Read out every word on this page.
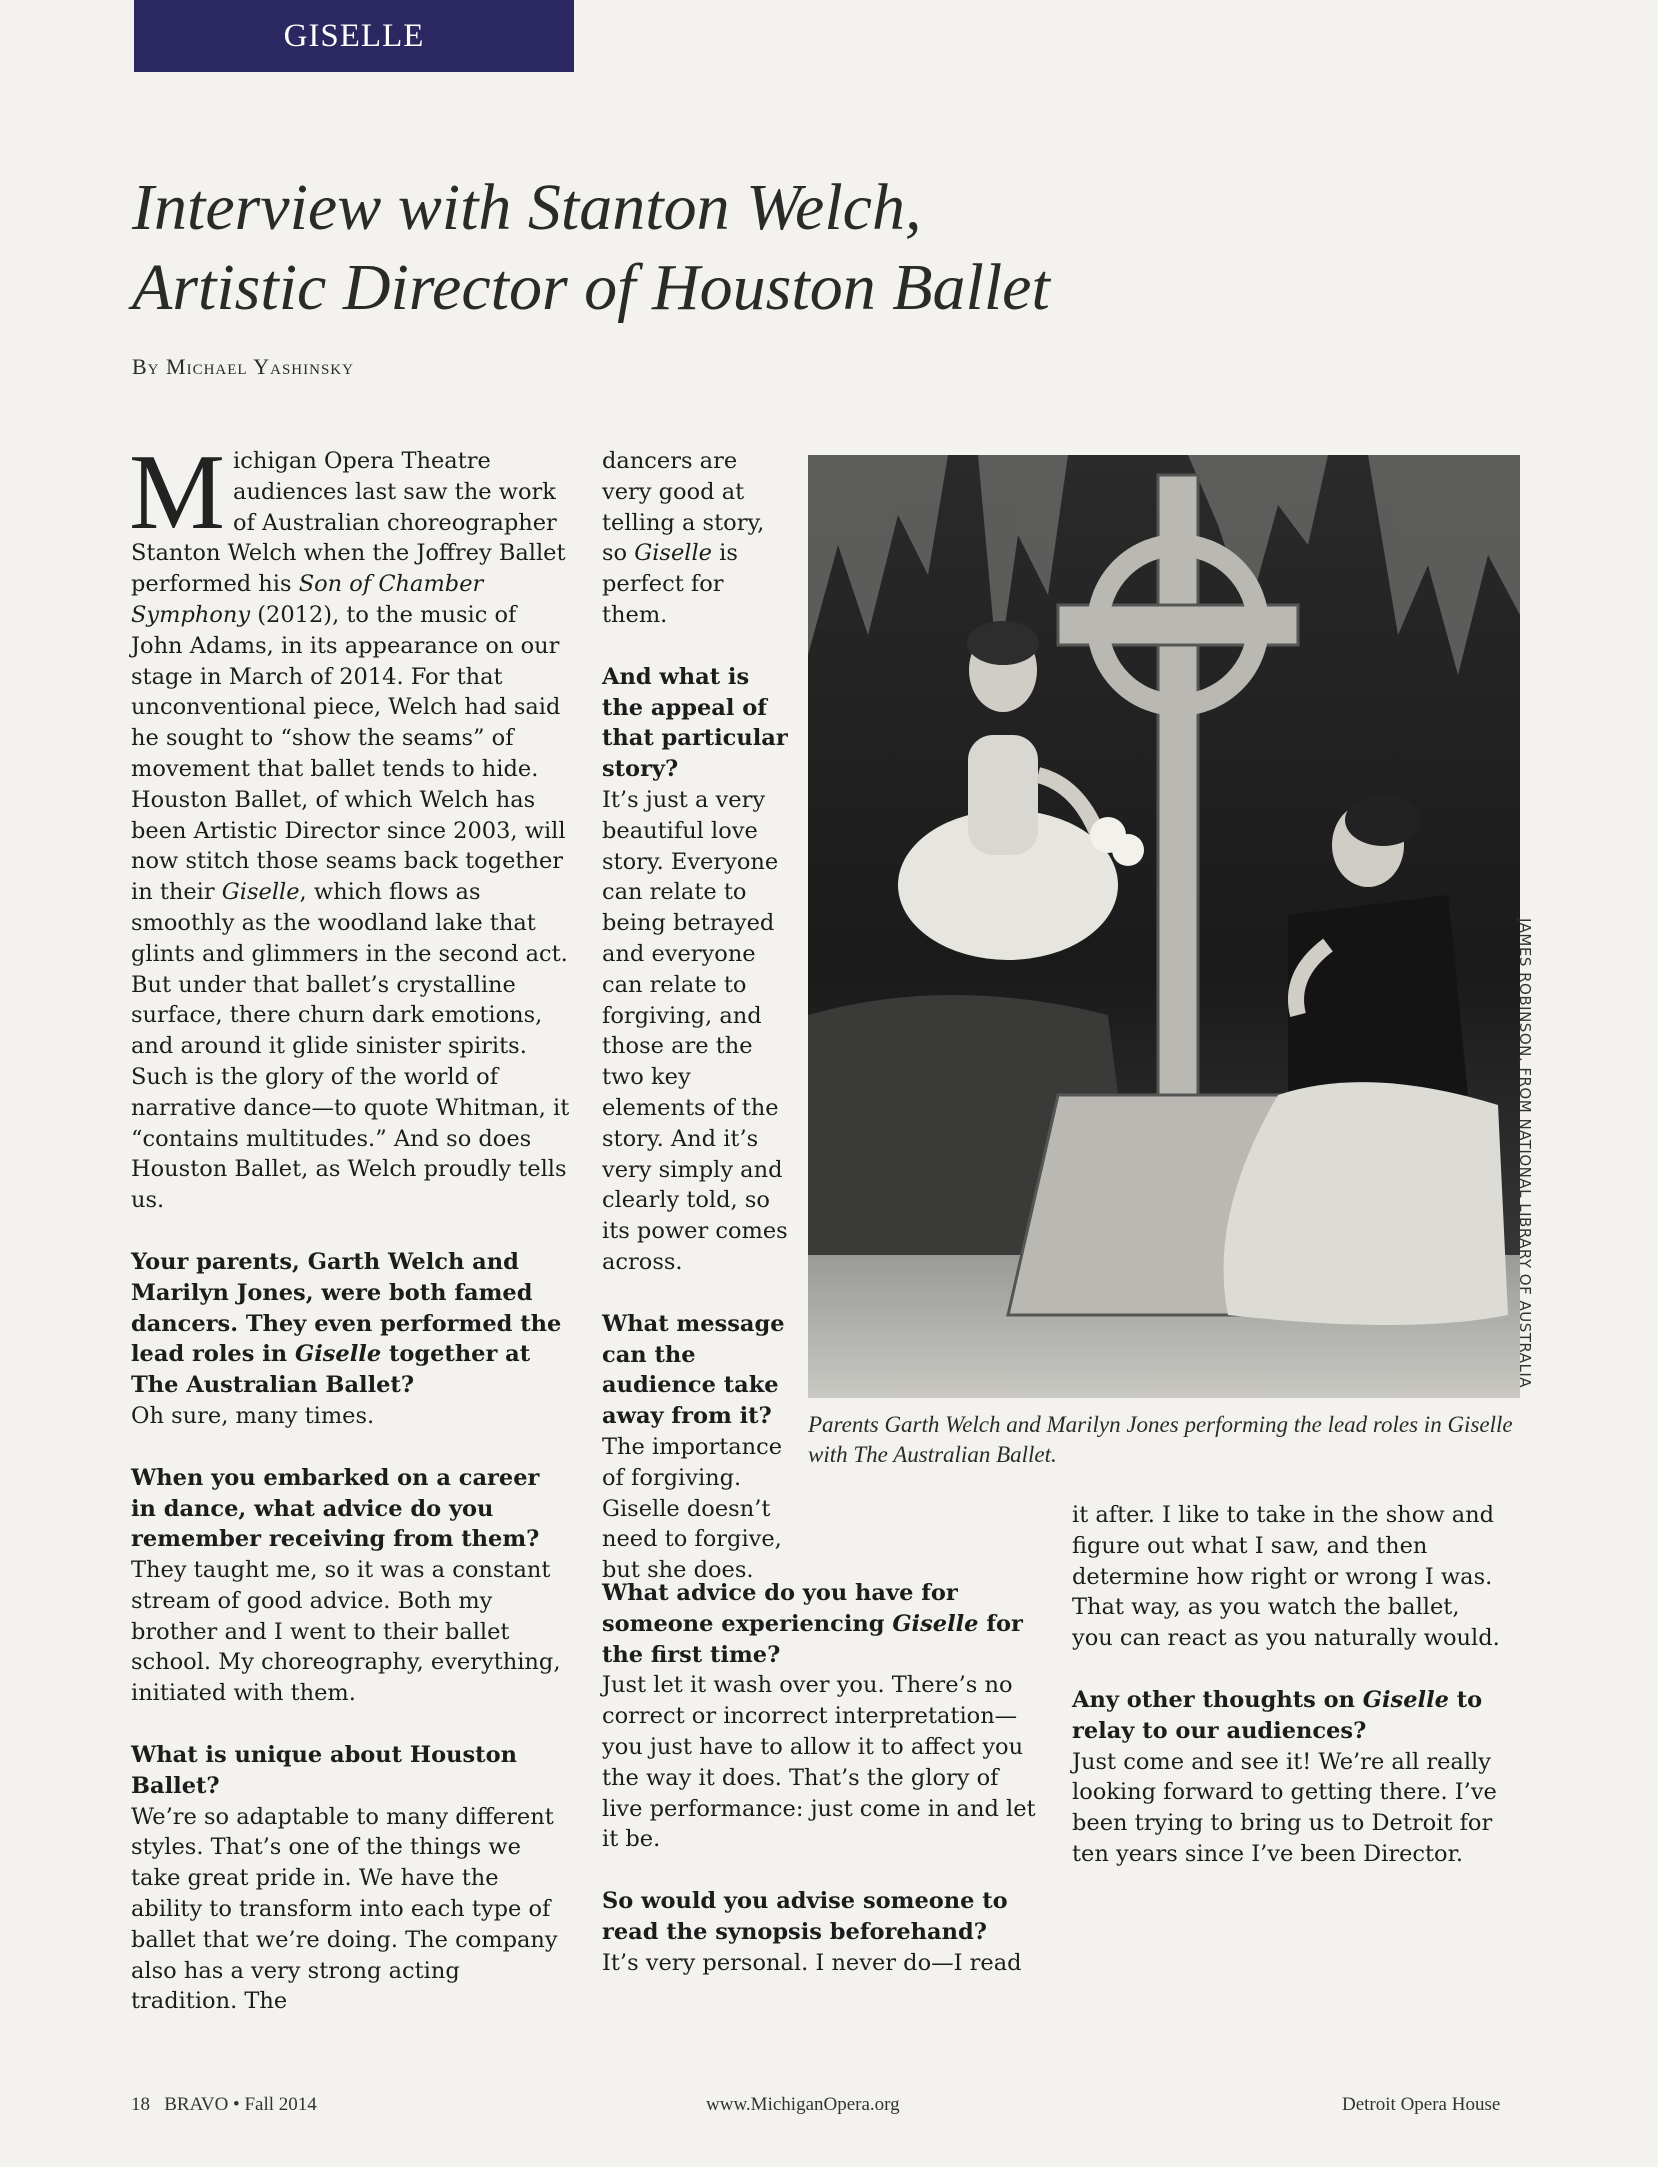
GISELLE
Interview with Stanton Welch,
Artistic Director of Houston Ballet
By Michael Yashinsky

Michigan Opera Theatre audiences last saw the work of Australian choreographer Stanton Welch when the Joffrey Ballet performed his Son of Chamber Symphony (2012), to the music of John Adams, in its appearance on our stage in March of 2014. For that unconventional piece, Welch had said he sought to “show the seams” of movement that ballet tends to hide. Houston Ballet, of which Welch has been Artistic Director since 2003, will now stitch those seams back together in their Giselle, which flows as smoothly as the woodland lake that glints and glimmers in the second act. But under that ballet’s crystalline surface, there churn dark emotions, and around it glide sinister spirits. Such is the glory of the world of narrative dance—to quote Whitman, it “contains multitudes.” And so does Houston Ballet, as Welch proudly tells us.

Your parents, Garth Welch and Marilyn Jones, were both famed dancers. They even performed the lead roles in Giselle together at The Australian Ballet?

Oh sure, many times.

When you embarked on a career in dance, what advice do you remember receiving from them?

They taught me, so it was a constant stream of good advice. Both my brother and I went to their ballet school. My choreography, everything, initiated with them.

What is unique about Houston Ballet?

We’re so adaptable to many different styles. That’s one of the things we take great pride in. We have the ability to transform into each type of ballet that we’re doing. The company also has a very strong acting tradition. The

dancers are very good at telling a story, so Giselle is perfect for them.

And what is the appeal of that particular story?

It’s just a very beautiful love story. Everyone can relate to being betrayed and everyone can relate to forgiving, and those are the two key elements of the story. And it’s very simply and clearly told, so its power comes across.

What message can the audience take away from it?

The importance of forgiving. Giselle doesn’t need to forgive, but she does.

What advice do you have for someone experiencing Giselle for the first time?

Just let it wash over you. There’s no correct or incorrect interpretation—you just have to allow it to affect you the way it does. That’s the glory of live performance: just come in and let it be.

So would you advise someone to read the synopsis beforehand?

It’s very personal. I never do—I read

it after. I like to take in the show and figure out what I saw, and then determine how right or wrong I was. That way, as you watch the ballet, you can react as you naturally would.

Any other thoughts on Giselle to relay to our audiences?

Just come and see it! We’re all really looking forward to getting there. I’ve been trying to bring us to Detroit for ten years since I’ve been Director.

JAMES ROBINSON, FROM NATIONAL LIBRARY OF AUSTRALIA
Parents Garth Welch and Marilyn Jones performing the lead roles in Giselle with The Australian Ballet.
18   BRAVO • Fall 2014	www.MichiganOpera.org	Detroit Opera House
